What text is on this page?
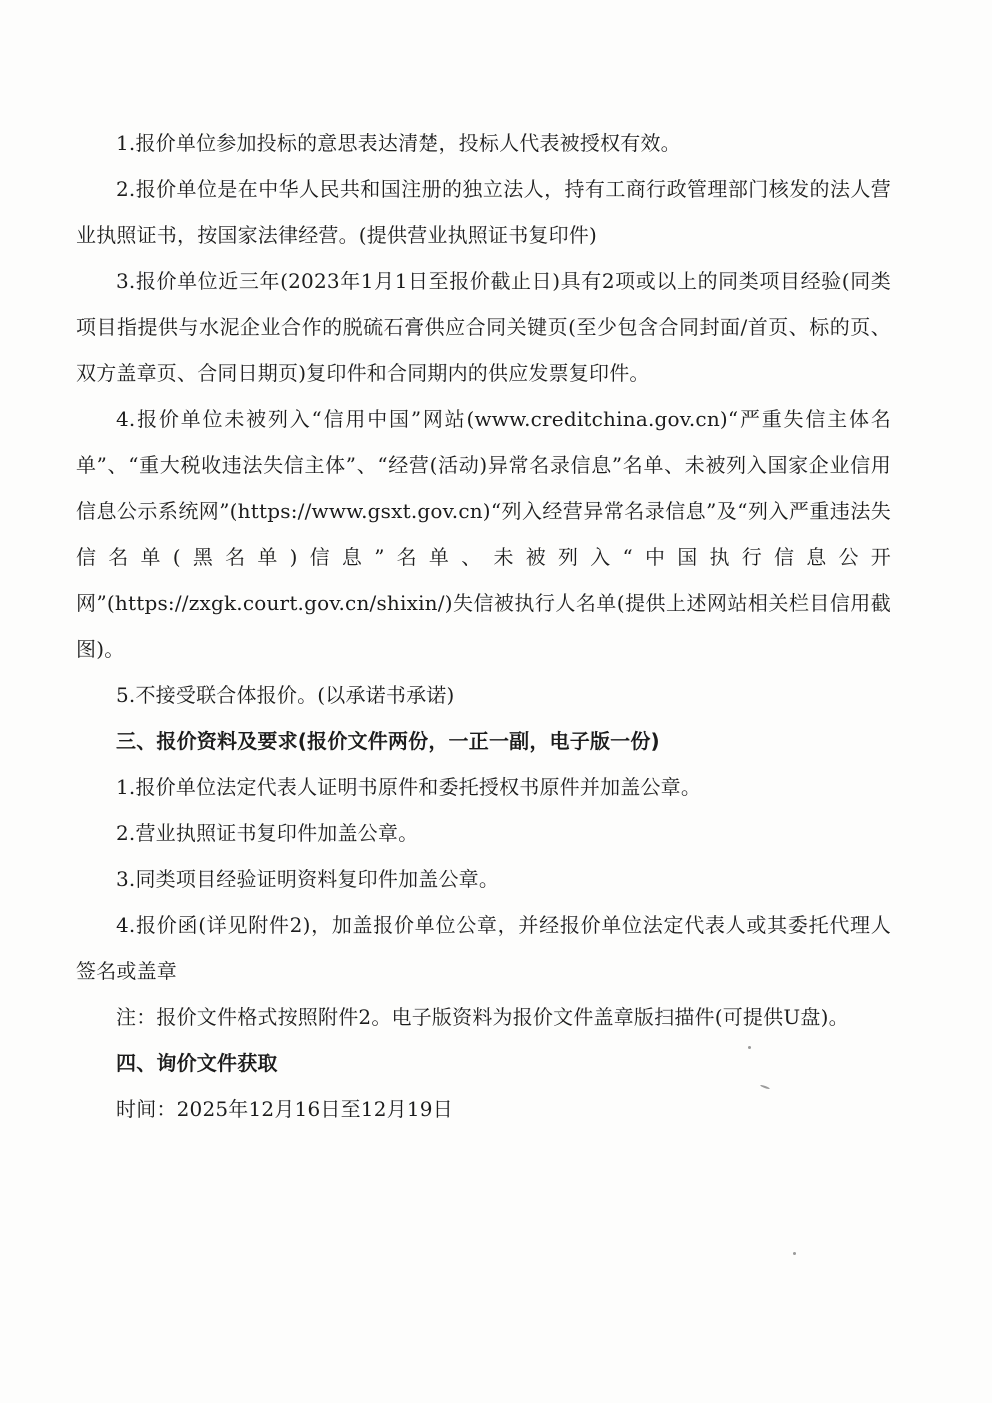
1.报价单位参加投标的意思表达清楚，投标人代表被授权有效。

2.报价单位是在中华人民共和国注册的独立法人，持有工商行政管理部门核发的法人营业执照证书，按国家法律经营。(提供营业执照证书复印件)

3.报价单位近三年(2023年1月1日至报价截止日)具有2项或以上的同类项目经验(同类项目指提供与水泥企业合作的脱硫石膏供应合同关键页(至少包含合同封面/首页、标的页、双方盖章页、合同日期页)复印件和合同期内的供应发票复印件。

4.报价单位未被列入“信用中国”网站(www.creditchina.gov.cn)“严重失信主体名单”、“重大税收违法失信主体”、“经营(活动)异常名录信息”名单、未被列入国家企业信用信息公示系统网”(https://www.gsxt.gov.cn)“列入经营异常名录信息”及“列入严重违法失信名单(黑名单)信息”名单、未被列入“中国执行信息公开网”(https://zxgk.court.gov.cn/shixin/)失信被执行人名单(提供上述网站相关栏目信用截图)。

5.不接受联合体报价。(以承诺书承诺)

三、报价资料及要求(报价文件两份，一正一副，电子版一份)

1.报价单位法定代表人证明书原件和委托授权书原件并加盖公章。

2.营业执照证书复印件加盖公章。

3.同类项目经验证明资料复印件加盖公章。

4.报价函(详见附件2)，加盖报价单位公章，并经报价单位法定代表人或其委托代理人签名或盖章

注：报价文件格式按照附件2。电子版资料为报价文件盖章版扫描件(可提供U盘)。

四、询价文件获取

时间：2025年12月16日至12月19日
